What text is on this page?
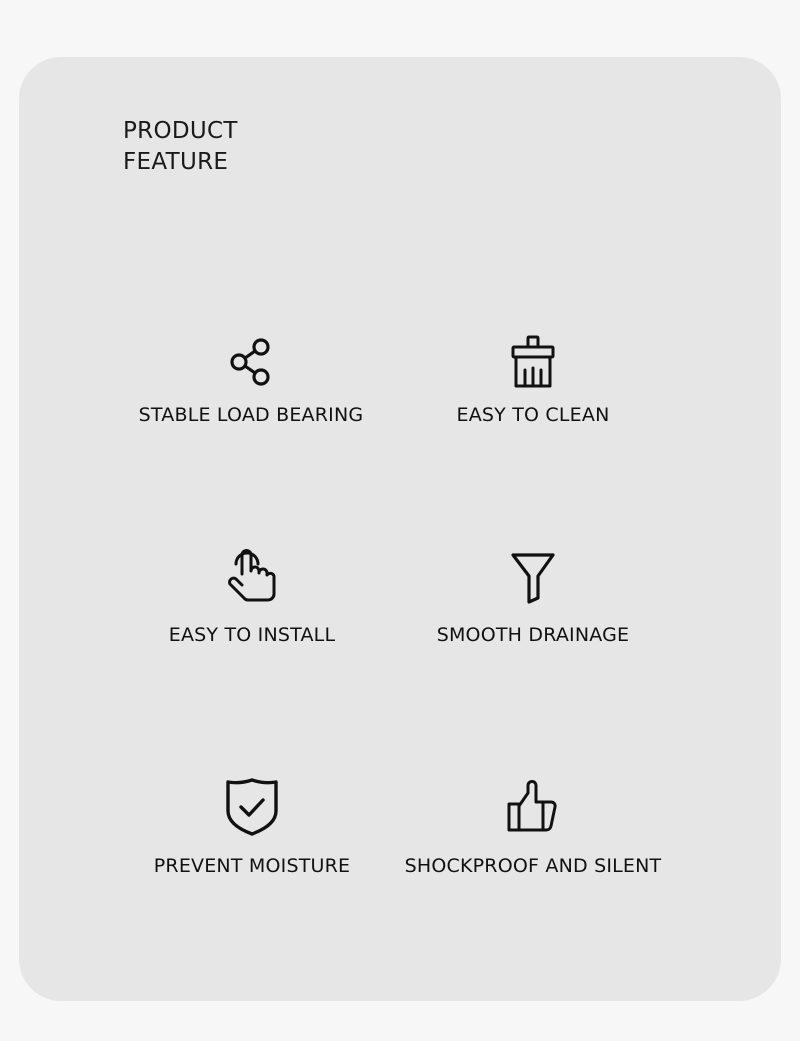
PRODUCT
FEATURE
STABLE LOAD BEARING	EASY TO CLEAN
EASY TO INSTALL	SMOOTH DRAINAGE
PREVENT MOISTURE	SHOCKPROOF AND SILENT
